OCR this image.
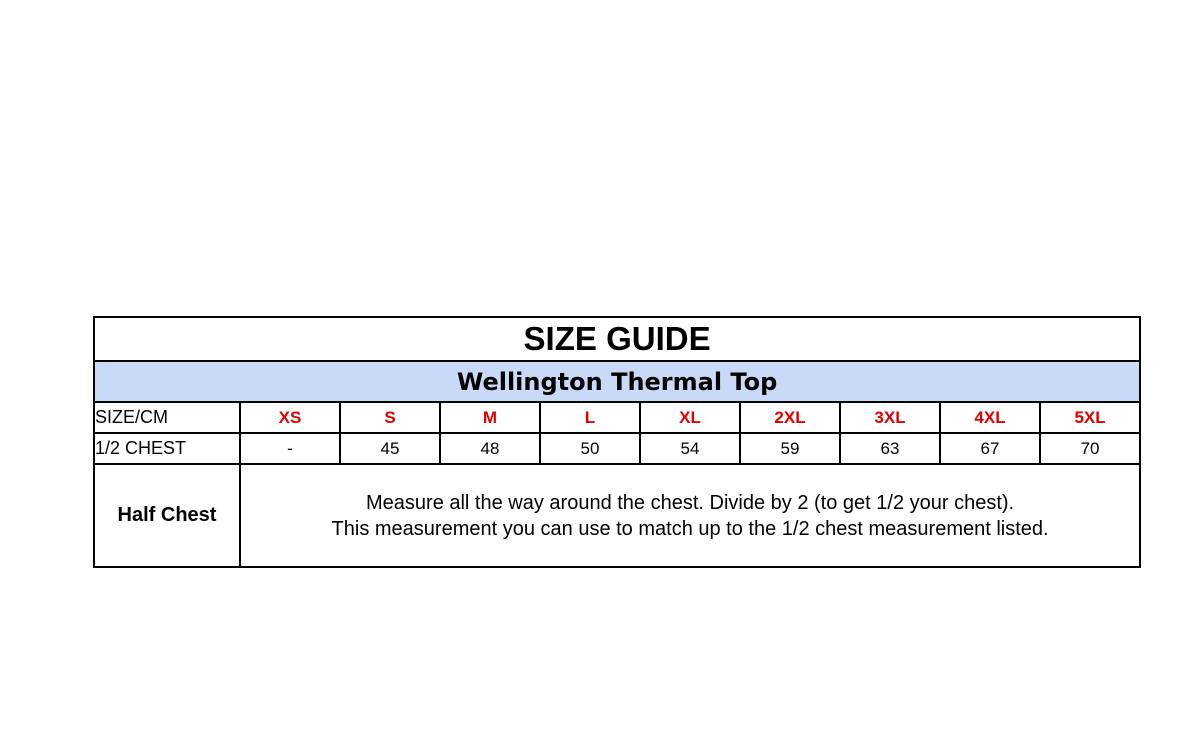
SIZE GUIDE									
Wellington Thermal Top									
SIZE/CM	XS	S	M	L	XL	2XL	3XL	4XL	5XL
1/2 CHEST	-	45	48	50	54	59	63	67	70
Half Chest	Measure all the way around the chest. Divide by 2 (to get 1/2 your chest).
This measurement you can use to match up to the 1/2 chest measurement listed.								
